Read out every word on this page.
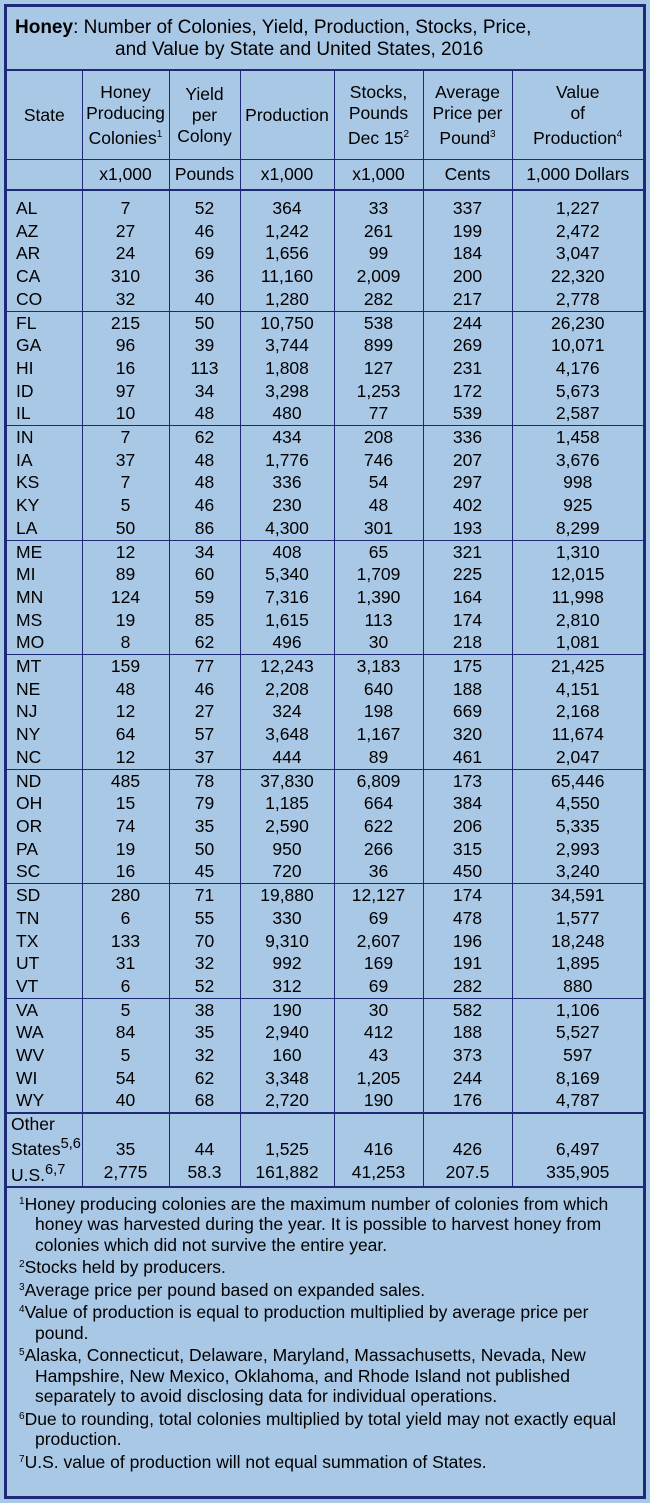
Honey: Number of Colonies, Yield, Production, Stocks, Price,
and Value by State and United States, 2016
State	Honey
Producing
Colonies$^1$	Yield
per
Colony	Production	Stocks,
Pounds
Dec $15^2$	Average
Price per
Pound$^3$	Value
of
Production$^4$
	x1,000	Pounds	x1,000	x1,000	Cents	1,000 Dollars
AL	7	52	364	33	337	1,227
AZ	27	46	1,242	261	199	2,472
AR	24	69	1,656	99	184	3,047
CA	310	36	11,160	2,009	200	22,320
CO	32	40	1,280	282	217	2,778
FL	215	50	10,750	538	244	26,230
GA	96	39	3,744	899	269	10,071
HI	16	113	1,808	127	231	4,176
ID	97	34	3,298	1,253	172	5,673
IL	10	48	480	77	539	2,587
IN	7	62	434	208	336	1,458
IA	37	48	1,776	746	207	3,676
KS	7	48	336	54	297	998
KY	5	46	230	48	402	925
LA	50	86	4,300	301	193	8,299
ME	12	34	408	65	321	1,310
MI	89	60	5,340	1,709	225	12,015
MN	124	59	7,316	1,390	164	11,998
MS	19	85	1,615	113	174	2,810
MO	8	62	496	30	218	1,081
MT	159	77	12,243	3,183	175	21,425
NE	48	46	2,208	640	188	4,151
NJ	12	27	324	198	669	2,168
NY	64	57	3,648	1,167	320	11,674
NC	12	37	444	89	461	2,047
ND	485	78	37,830	6,809	173	65,446
OH	15	79	1,185	664	384	4,550
OR	74	35	2,590	622	206	5,335
PA	19	50	950	266	315	2,993
SC	16	45	720	36	450	3,240
SD	280	71	19,880	12,127	174	34,591
TN	6	55	330	69	478	1,577
TX	133	70	9,310	2,607	196	18,248
UT	31	32	992	169	191	1,895
VT	6	52	312	69	282	880
VA	5	38	190	30	582	1,106
WA	84	35	2,940	412	188	5,527
WV	5	32	160	43	373	597
WI	54	62	3,348	1,205	244	8,169
WY	40	68	2,720	190	176	4,787
Other
States$^{5,6}$	35	44	1,525	416	426	6,497
U.S.$^{6,7}$	2,775	58.3	161,882	41,253	207.5	335,905
$^1$Honey producing colonies are the maximum number of colonies from which honey was harvested during the year. It is possible to harvest honey from colonies which did not survive the entire year.
$^2$Stocks held by producers.
$^3$Average price per pound based on expanded sales.
$^4$Value of production is equal to production multiplied by average price per pound.
$^5$Alaska, Connecticut, Delaware, Maryland, Massachusetts, Nevada, New Hampshire, New Mexico, Oklahoma, and Rhode Island not published separately to avoid disclosing data for individual operations.
$^6$Due to rounding, total colonies multiplied by total yield may not exactly equal production.
$^7$U.S. value of production will not equal summation of States.
